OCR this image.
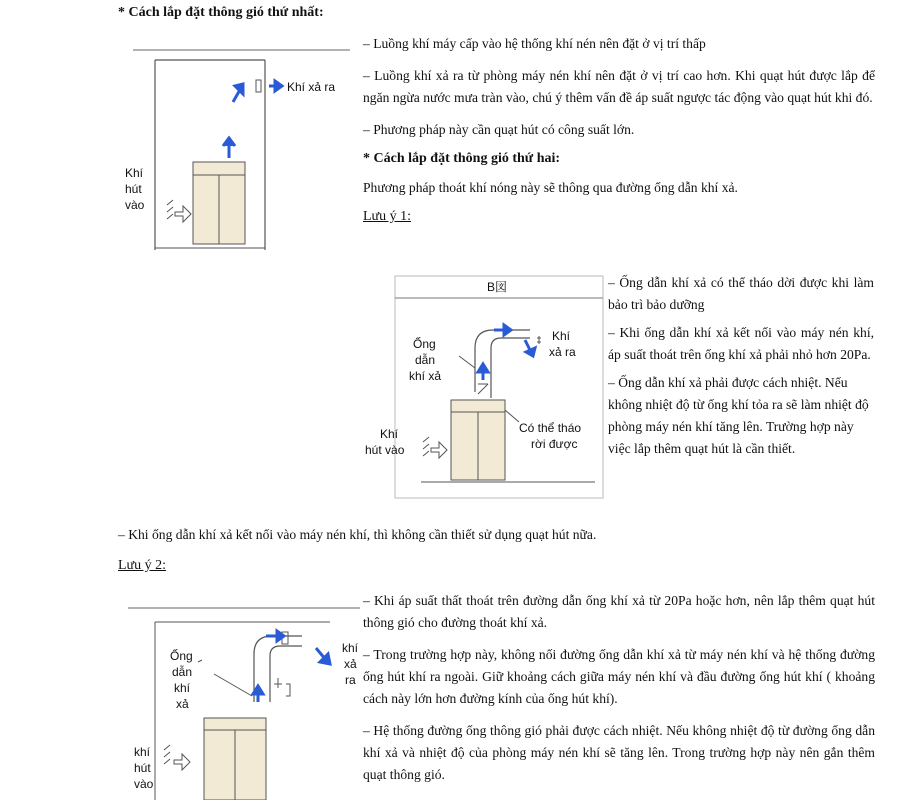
* Cách lắp đặt thông gió thứ nhất:
Khí xả ra
Khí
hút
vào

– Luồng khí máy cấp vào hệ thống khí nén nên đặt ở vị trí thấp

– Luồng khí xả ra từ phòng máy nén khí nên đặt ở vị trí cao hơn. Khi quạt hút được lắp để ngăn ngừa nước mưa tràn vào, chú ý thêm vấn đề áp suất ngược tác động vào quạt hút khi đó.

– Phương pháp này cần quạt hút có công suất lớn.

* Cách lắp đặt thông gió thứ hai:

Phương pháp thoát khí nóng này sẽ thông qua đường ống dẫn khí xả.

Lưu ý 1:
B図
Ống
dẫn
khí xả
Khí
xả ra
Có thể tháo
rời được
Khí
hút vào

– Ống dẫn khí xả có thể tháo dời được khi làm bảo trì bảo dưỡng

– Khi ống dẫn khí xả kết nối vào máy nén khí, áp suất thoát trên ống khí xả phải nhỏ hơn 20Pa.

– Ống dẫn khí xả phải được cách nhiệt. Nếu không nhiệt độ từ ống khí tỏa ra sẽ làm nhiệt độ phòng máy nén khí tăng lên. Trường hợp này việc lắp thêm quạt hút là cần thiết.

– Khi ống dẫn khí xả kết nối vào máy nén khí, thì không cần thiết sử dụng quạt hút nữa.

Lưu ý 2:
Ống
dẫn
khí
xả
khí
xả
ra
khí
hút
vào

– Khi áp suất thất thoát trên đường dẫn ống khí xả từ 20Pa hoặc hơn, nên lắp thêm quạt hút thông gió cho đường thoát khí xả.

– Trong trường hợp này, không nối đường ống dẫn khí xả từ máy nén khí và hệ thống đường ống hút khí ra ngoài. Giữ khoảng cách giữa máy nén khí và đầu đường ống hút khí ( khoảng cách này lớn hơn đường kính của ống hút khí).

– Hệ thống đường ống thông gió phải được cách nhiệt. Nếu không nhiệt độ từ đường ống dẫn khí xả và nhiệt độ của phòng máy nén khí sẽ tăng lên. Trong trường hợp này nên gắn thêm quạt thông gió.
